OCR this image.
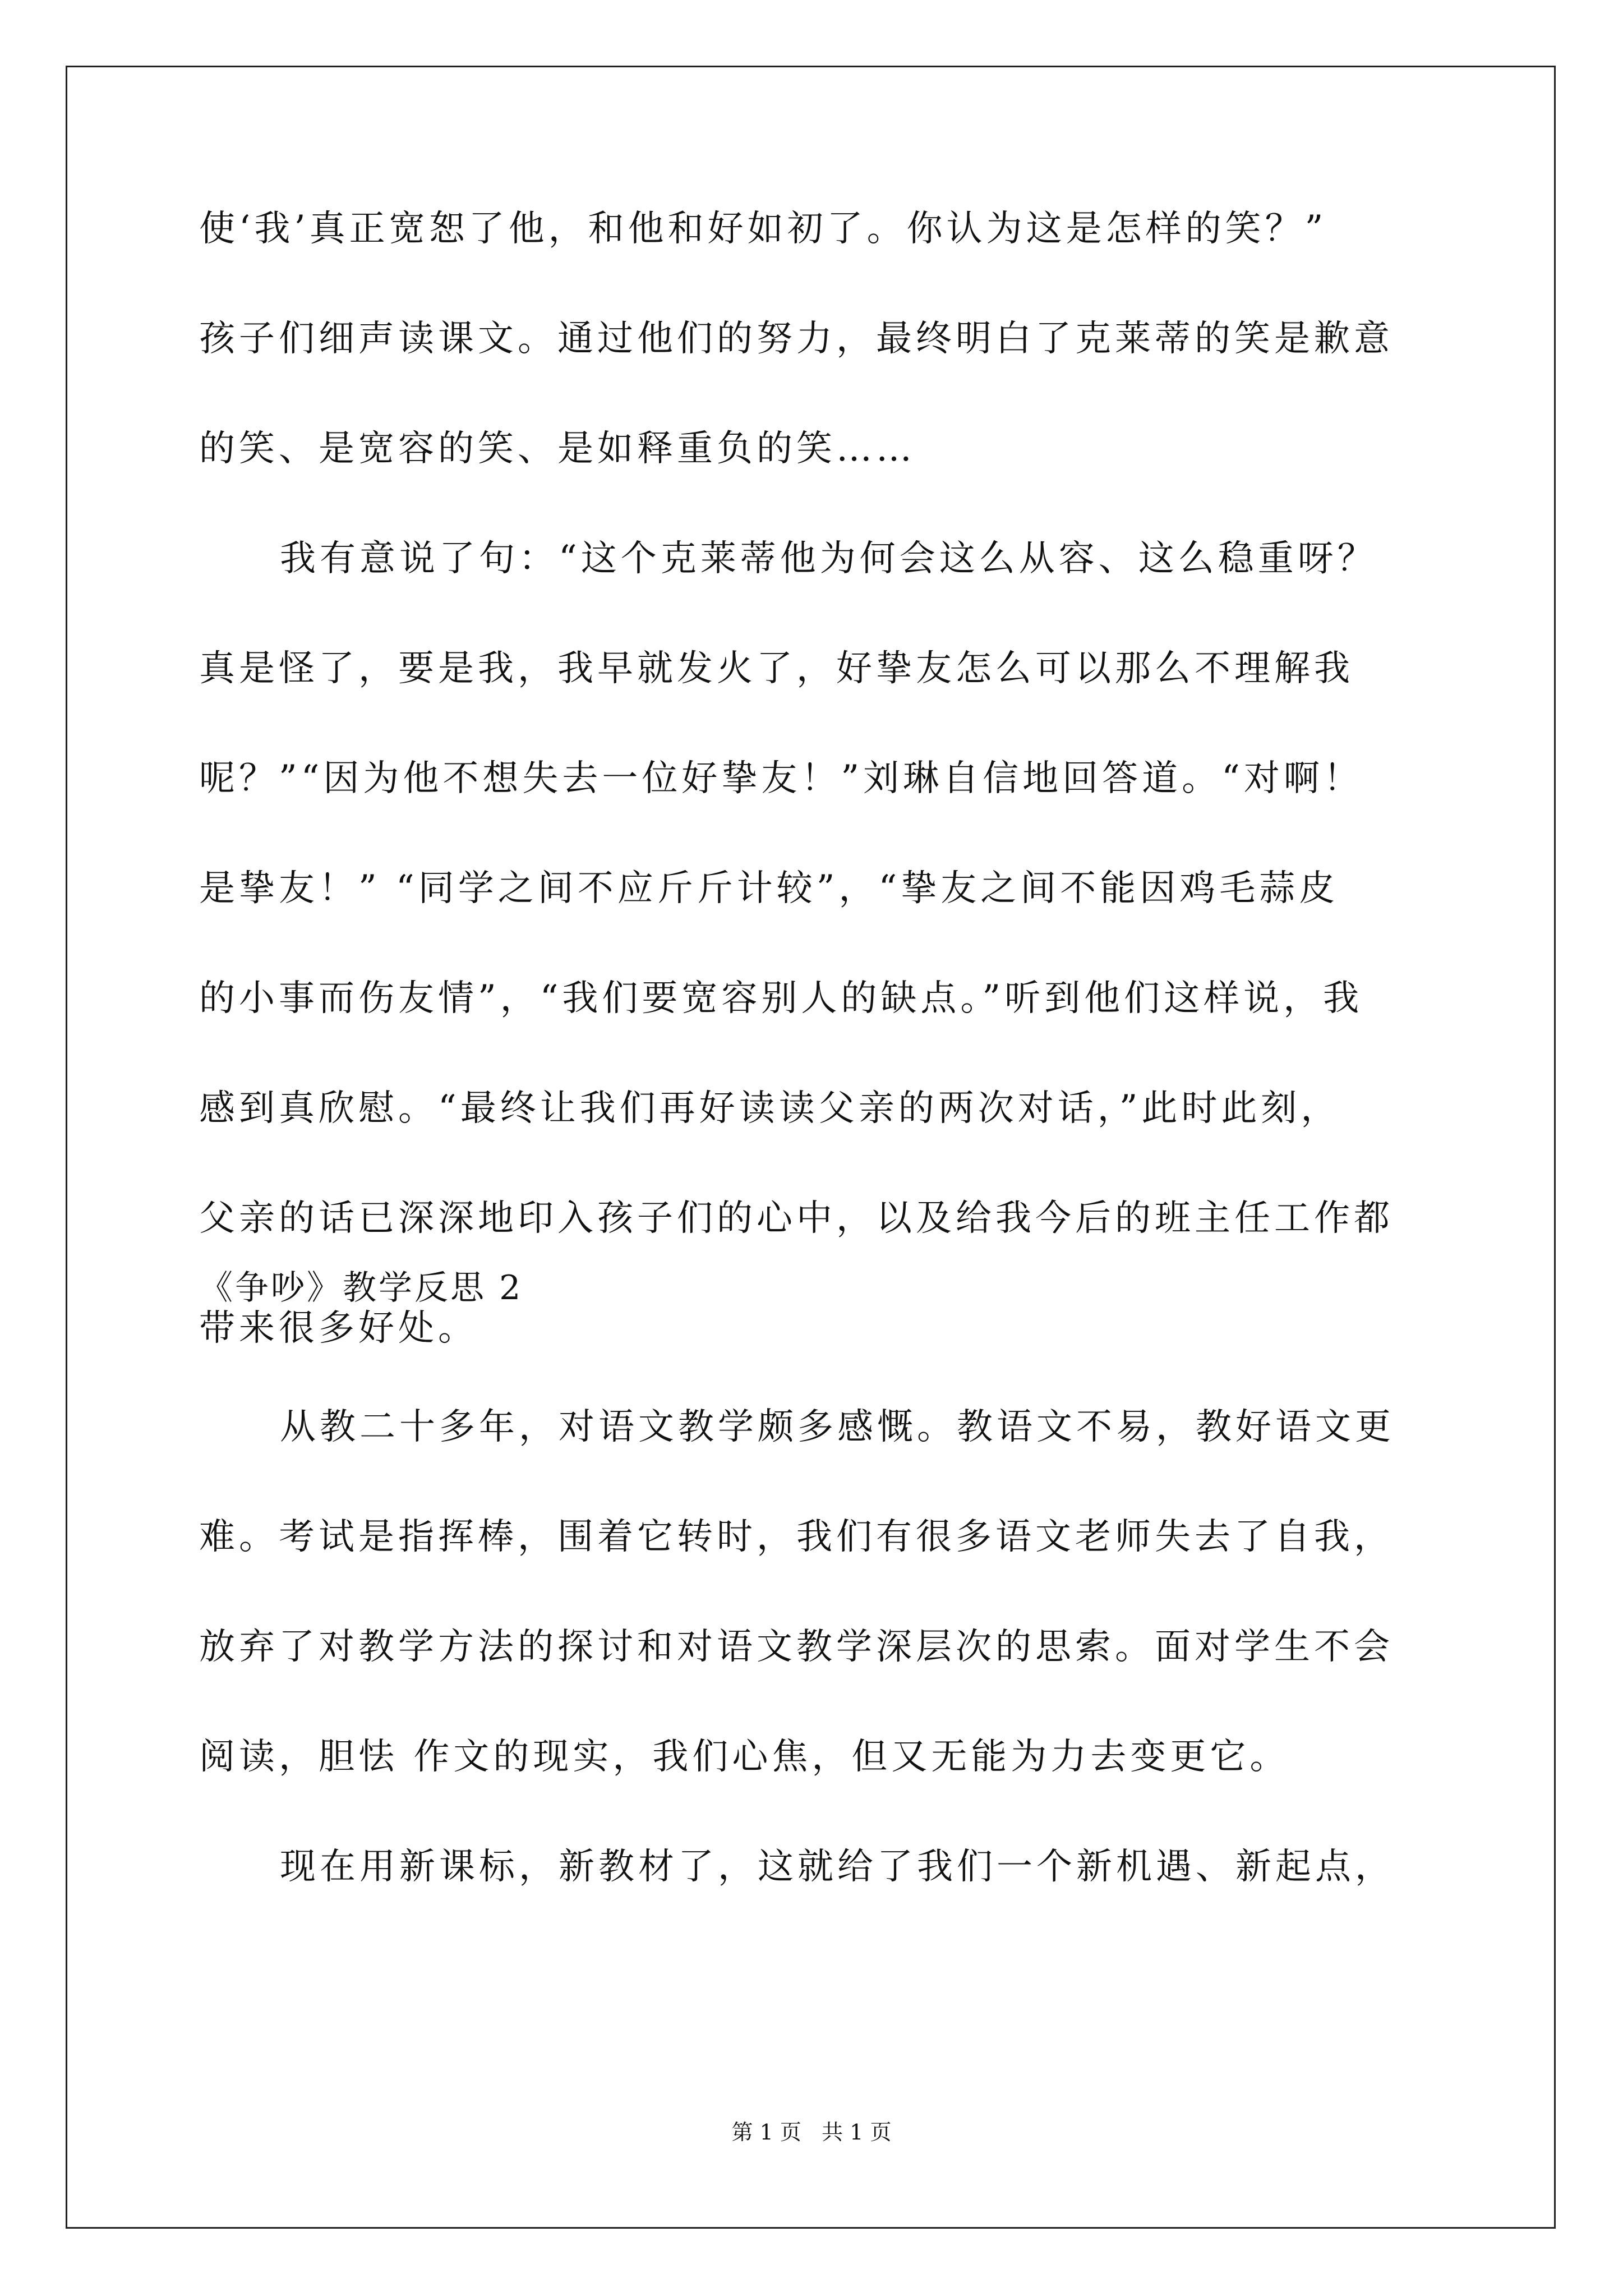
使‘我’真正宽恕了他，和他和好如初了。你认为这是怎样的笑？”
孩子们细声读课文。通过他们的努力，最终明白了克莱蒂的笑是歉意
的笑、是宽容的笑、是如释重负的笑……
我有意说了句：“这个克莱蒂他为何会这么从容、这么稳重呀？
真是怪了，要是我，我早就发火了，好挚友怎么可以那么不理解我
呢？”“因为他不想失去一位好挚友！”刘琳自信地回答道。“对啊！
是挚友！” “同学之间不应斤斤计较”，“挚友之间不能因鸡毛蒜皮
的小事而伤友情”，“我们要宽容别人的缺点。”听到他们这样说，我
感到真欣慰。“最终让我们再好读读父亲的两次对话，”此时此刻，
父亲的话已深深地印入孩子们的心中，以及给我今后的班主任工作都
带来很多好处。
《争吵》教学反思 2
从教二十多年，对语文教学颇多感慨。教语文不易，教好语文更
难。考试是指挥棒，围着它转时，我们有很多语文老师失去了自我，
放弃了对教学方法的探讨和对语文教学深层次的思索。面对学生不会
阅读，胆怯 作文的现实，我们心焦，但又无能为力去变更它。
现在用新课标，新教材了，这就给了我们一个新机遇、新起点，
第 1 页   共 1 页
